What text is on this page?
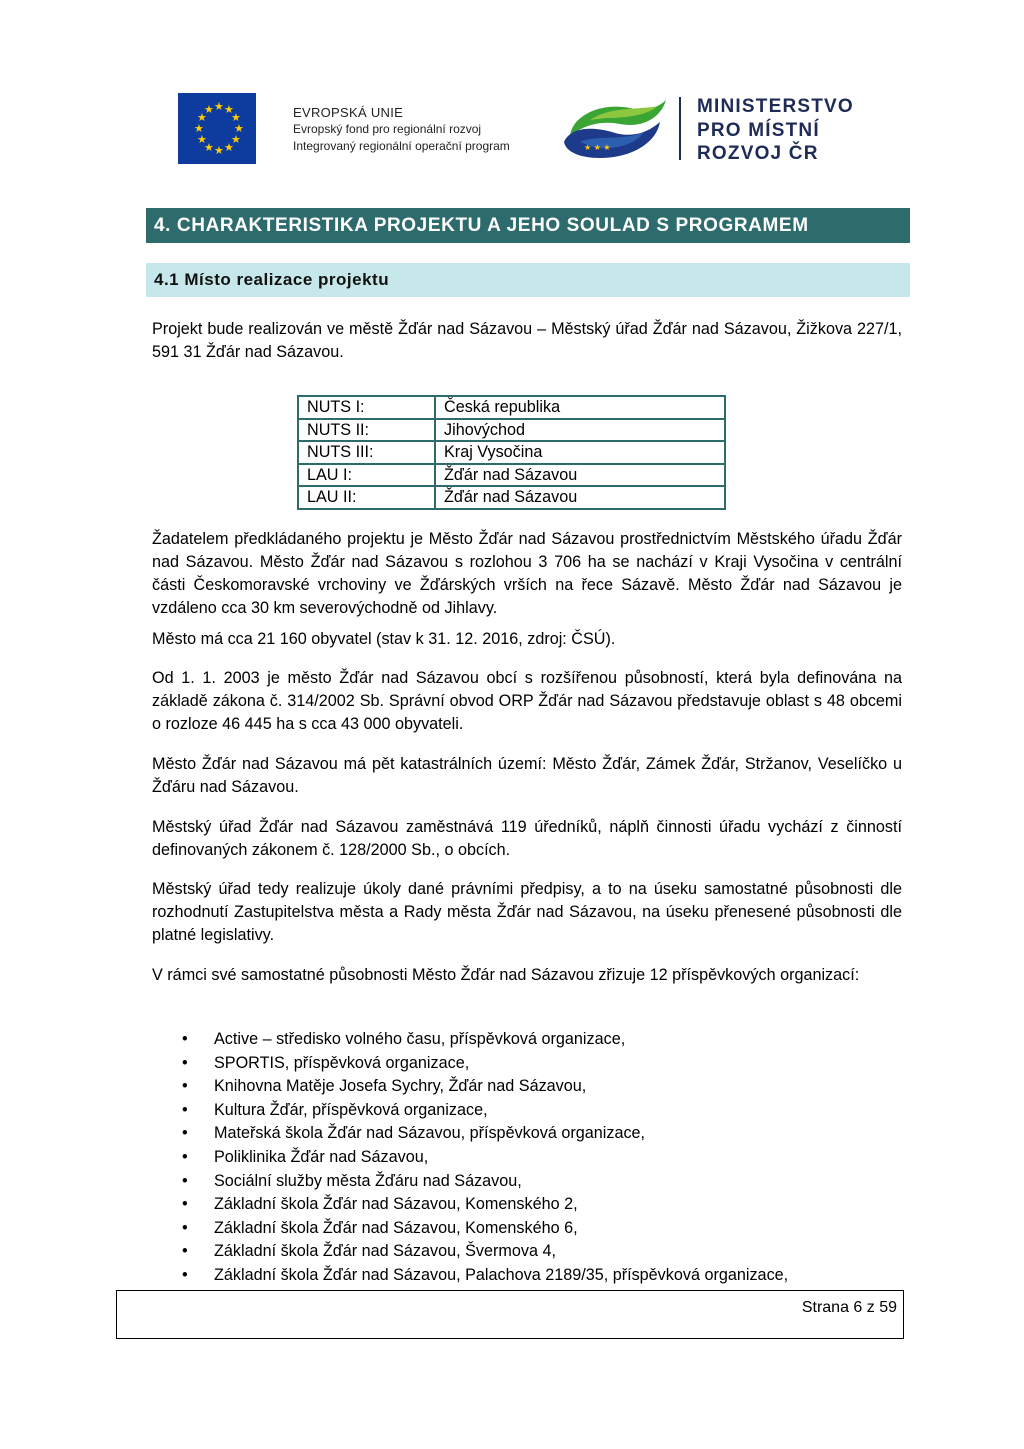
★ ★
★
★
★
★
★
★
★
★
★
★	EVROPSKÁ UNIE
Evropský fond pro regionální rozvoj
Integrovaný regionální operační program	★ ★ ★
MINISTERSTVO
PRO MÍSTNÍ
ROZVOJ ČR
4. CHARAKTERISTIKA PROJEKTU A JEHO SOULAD S PROGRAMEM
4.1 Místo realizace projektu

Projekt bude realizován ve městě Žďár nad Sázavou – Městský úřad Žďár nad Sázavou, Žižkova 227/1, 591 31 Žďár nad Sázavou.

NUTS I:	Česká republika
NUTS II:	Jihovýchod
NUTS III:	Kraj Vysočina
LAU I:	Žďár nad Sázavou
LAU II:	Žďár nad Sázavou

Žadatelem předkládaného projektu je Město Žďár nad Sázavou prostřednictvím Městského úřadu Žďár nad Sázavou. Město Žďár nad Sázavou s rozlohou 3 706 ha se nachází v Kraji Vysočina v centrální části Českomoravské vrchoviny ve Žďárských vrších na řece Sázavě. Město Žďár nad Sázavou je vzdáleno cca 30 km severovýchodně od Jihlavy.

Město má cca 21 160 obyvatel (stav k 31. 12. 2016, zdroj: ČSÚ).

Od 1. 1. 2003 je město Žďár nad Sázavou obcí s rozšířenou působností, která byla definována na základě zákona č. 314/2002 Sb. Správní obvod ORP Žďár nad Sázavou představuje oblast s 48 obcemi o rozloze 46 445 ha s cca 43 000 obyvateli.

Město Žďár nad Sázavou má pět katastrálních území: Město Žďár, Zámek Žďár, Stržanov, Veselíčko u Žďáru nad Sázavou.

Městský úřad Žďár nad Sázavou zaměstnává 119 úředníků, náplň činnosti úřadu vychází z činností definovaných zákonem č. 128/2000 Sb., o obcích.

Městský úřad tedy realizuje úkoly dané právními předpisy, a to na úseku samostatné působnosti dle rozhodnutí Zastupitelstva města a Rady města Žďár nad Sázavou, na úseku přenesené působnosti dle platné legislativy.

V rámci své samostatné působnosti Město Žďár nad Sázavou zřizuje 12 příspěvkových organizací:

• Active – středisko volného času, příspěvková organizace,
• SPORTIS, příspěvková organizace,
• Knihovna Matěje Josefa Sychry, Žďár nad Sázavou,
• Kultura Žďár, příspěvková organizace,
• Mateřská škola Žďár nad Sázavou, příspěvková organizace,
• Poliklinika Žďár nad Sázavou,
• Sociální služby města Žďáru nad Sázavou,
• Základní škola Žďár nad Sázavou, Komenského 2,
• Základní škola Žďár nad Sázavou, Komenského 6,
• Základní škola Žďár nad Sázavou, Švermova 4,
• Základní škola Žďár nad Sázavou, Palachova 2189/35, příspěvková organizace,
Strana 6 z 59
